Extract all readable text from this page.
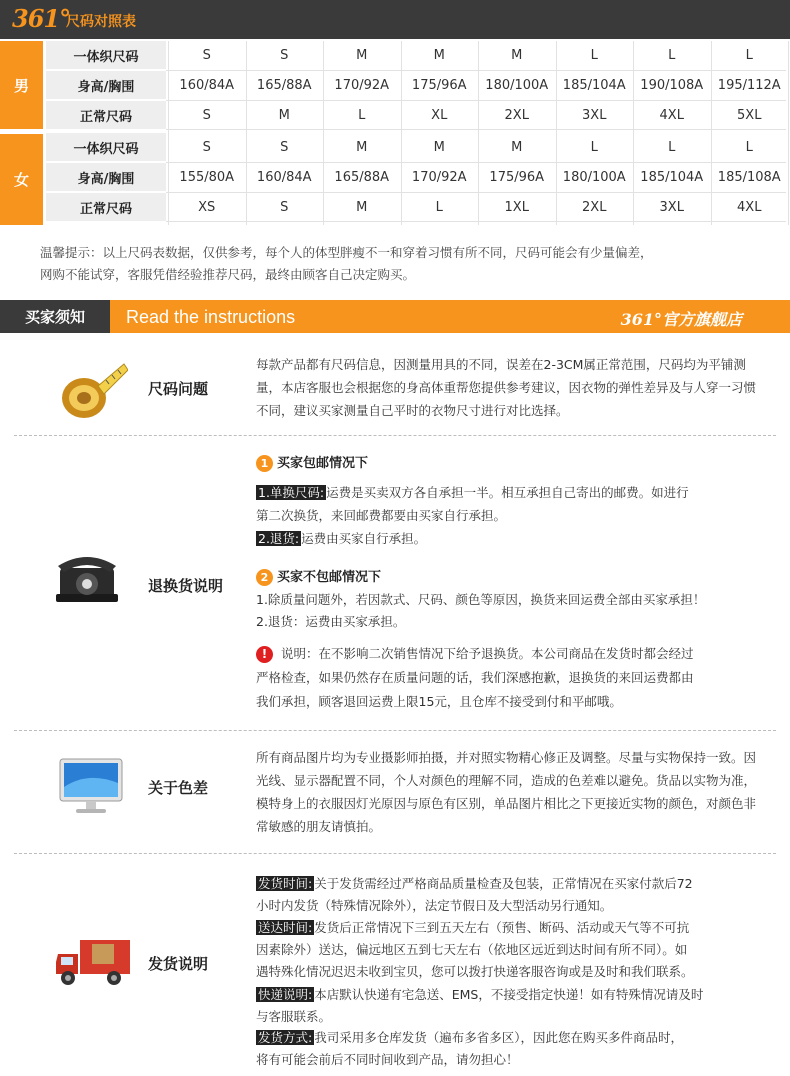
361°
尺码对照表
男
女
一体织尺码	S	S	M	M	M	L	L	L
身高/胸围	160/84A	165/88A	170/92A	175/96A	180/100A	185/104A	190/108A	195/112A
正常尺码	S	M	L	XL	2XL	3XL	4XL	5XL
一体织尺码	S	S	M	M	M	L	L	L
身高/胸围	155/80A	160/84A	165/88A	170/92A	175/96A	180/100A	185/104A	185/108A
正常尺码	XS	S	M	L	1XL	2XL	3XL	4XL
温馨提示：以上尺码表数据，仅供参考，每个人的体型胖瘦不一和穿着习惯有所不同，尺码可能会有少量偏差，
网购不能试穿，客服凭借经验推荐尺码，最终由顾客自己决定购买。
买家须知	Read the instructions	361°官方旗舰店
尺码问题
每款产品都有尺码信息，因测量用具的不同，误差在2-3CM属正常范围，尺码均为平铺测量，本店客服也会根据您的身高体重帮您提供参考建议，因衣物的弹性差异及与人穿一习惯不同，建议买家测量自己平时的衣物尺寸进行对比选择。
退换货说明
1 买家包邮情况下
1.单换尺码: 运费是买卖双方各自承担一半。相互承担自己寄出的邮费。如进行
第二次换货，来回邮费都要由买家自行承担。
2.退货: 运费由买家自行承担。
2 买家不包邮情况下
1.除质量问题外，若因款式、尺码、颜色等原因，换货来回运费全部由买家承担！
2.退货：运费由买家承担。
! 说明：在不影响二次销售情况下给予退换货。本公司商品在发货时都会经过
严格检查，如果仍然存在质量问题的话，我们深感抱歉，退换货的来回运费都由
我们承担，顾客退回运费上限15元，且仓库不接受到付和平邮哦。
关于色差
所有商品图片均为专业摄影师拍摄，并对照实物精心修正及调整。尽量与实物保持一致。因光线、显示器配置不同，个人对颜色的理解不同，造成的色差难以避免。货品以实物为准，模特身上的衣服因灯光原因与原色有区别，单品图片相比之下更接近实物的颜色，对颜色非常敏感的朋友请慎拍。
发货说明
发货时间: 关于发货需经过严格商品质量检查及包装，正常情况在买家付款后72
小时内发货（特殊情况除外），法定节假日及大型活动另行通知。
送达时间: 发货后正常情况下三到五天左右（预售、断码、活动或天气等不可抗
因素除外）送达，偏远地区五到七天左右（依地区远近到达时间有所不同）。如
遇特殊化情况迟迟未收到宝贝，您可以拨打快递客服咨询或是及时和我们联系。
快递说明: 本店默认快递有宅急送、EMS，不接受指定快递！如有特殊情况请及时
与客服联系。
发货方式: 我司采用多仓库发货（遍布多省多区），因此您在购买多件商品时，
将有可能会前后不同时间收到产品，请勿担心！
